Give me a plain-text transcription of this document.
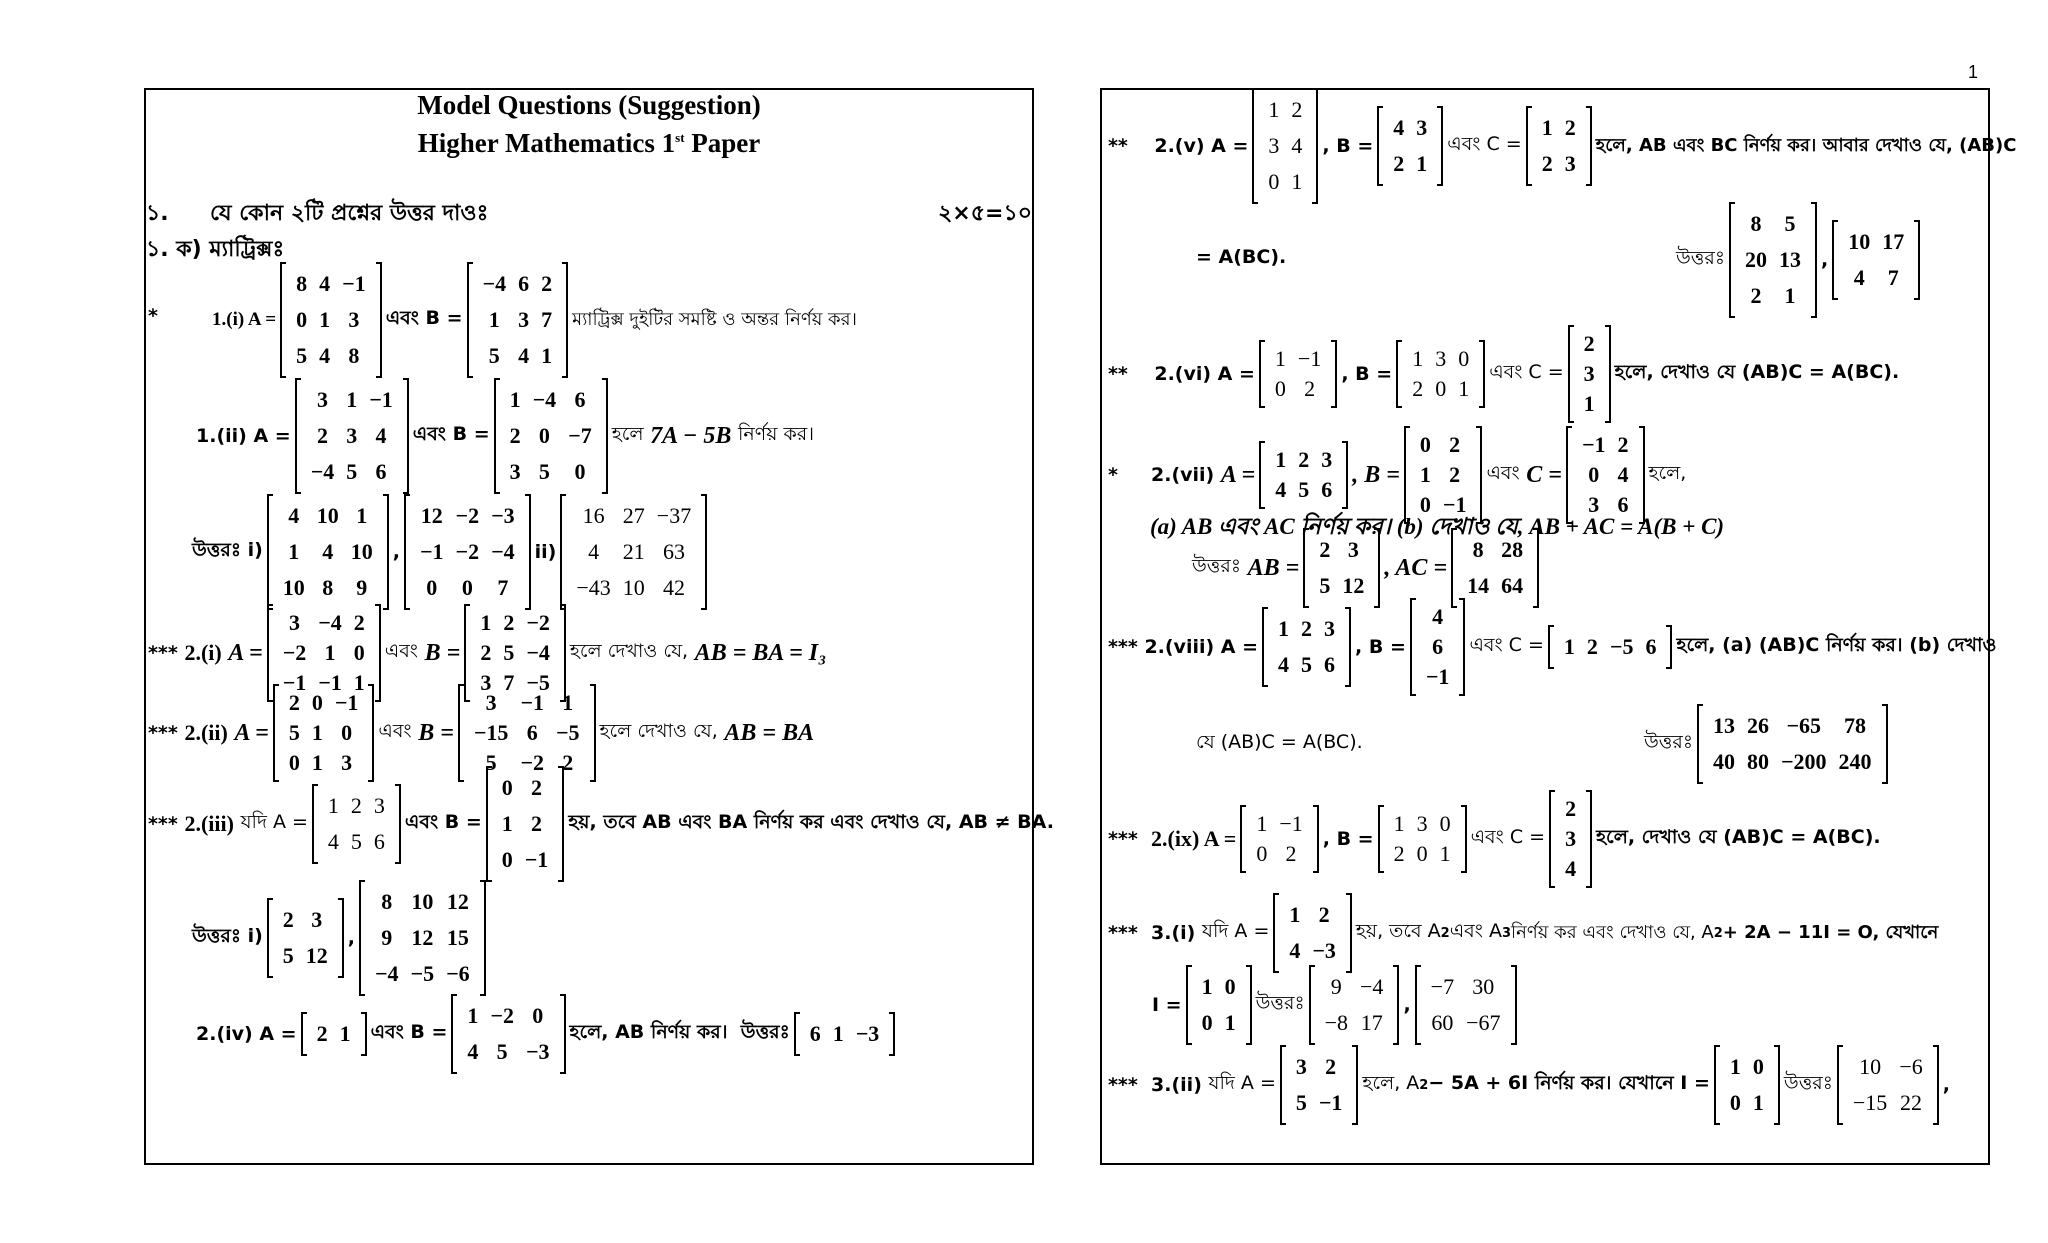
1
Model Questions (Suggestion)
Higher Mathematics 1st Paper
১. যে কোন ২টি প্রশ্নের উত্তর দাওঃ	২×৫=১০
১. ক) ম্যাট্রিক্সঃ
*	1.(i) A =
8	4	−1
0	1	3
5	4	8
এবং B =
−4	6	2
1	3	7
5	4	1
ম্যাট্রিক্স দুইটির সমষ্টি ও অন্তর নির্ণয় কর।
1.(ii) A =
3	1	−1
2	3	4
−4	5	6
এবং B =
1	−4	6
2	0	−7
3	5	0
হলে
7A − 5B
নির্ণয় কর।
উত্তরঃ i)
4	10	1
1	4	10
10	8	9
,
12	−2	−3
−1	−2	−4
0	0	7
ii)
16	27	−37
4	21	63
−43	10	42
***
2.(i)
A =
3	−4	2
−2	1	0
−1	−1	1
এবং
B =
1	2	−2
2	5	−4
3	7	−5
হলে দেখাও যে,
AB = BA = I₃
***
2.(ii)
A =
2	0	−1
5	1	0
0	1	3
এবং
B =
3	−1	1
−15	6	−5
5	−2	2
হলে দেখাও যে,
AB = BA
***
2.(iii)
যদি A =
1	2	3
4	5	6
এবং B =
0	2
1	2
0	−1
হয়, তবে AB এবং BA নির্ণয় কর এবং দেখাও যে, AB ≠ BA.
উত্তরঃ i)
2	3
5	12
,
8	10	12
9	12	15
−4	−5	−6
2.(iv) A = 2	1 এবং B =
1	−2	0
4	5	−3
হলে, AB নির্ণয় কর।
উত্তরঃ 6	1	−3
**
2.(v) A =
1	2
3	4
0	1
, B =
4	3
2	1
এবং C =
1	2
2	3
হলে, AB এবং BC নির্ণয় কর। আবার দেখাও যে, (AB)C
= A(BC).	উত্তরঃ
8	5
20	13
2	1
,
10	17
4	7
**
2.(vi) A =
1	−1
0	2
, B =
1	3	0
2	0	1
এবং C =
2
3
1
হলে, দেখাও যে (AB)C = A(BC).
*
2.(vii)
A =
1	2	3
4	5	6
, B =
0	2
1	2
0	−1
এবং
C =
−1	2
0	4
3	6
হলে,
(a) AB এবং AC নির্ণয় কর। (b) দেখাও যে, AB + AC = A(B + C)
উত্তরঃ
AB =
2	3
5	12
, AC =
8	28
14	64
***
2.(viii) A =
1	2	3
4	5	6
, B =
4
6
−1
এবং C = 1	2	−5	6 হলে, (a) (AB)C নির্ণয় কর। (b) দেখাও
যে (AB)C = A(BC).	উত্তরঃ
13	26	−65	78
40	80	−200	240
***
2.(ix) A =
1	−1
0	2
, B =
1	3	0
2	0	1
এবং C =
2
3
4
হলে, দেখাও যে (AB)C = A(BC).
***
3.(i)
যদি A =
1	2
4	−3
হয়, তবে A 2 এবং A 3 নির্ণয় কর এবং দেখাও যে, A 2 + 2A − 11I = O, যেখানে
I =
1	0
0	1
উত্তরঃ
9	−4
−8	17
,
−7	30
60	−67
***
3.(ii)
যদি A =
3	2
5	−1
হলে, A 2 − 5A + 6I নির্ণয় কর। যেখানে I =
1	0
0	1
উত্তরঃ
10	−6
−15	22
,
